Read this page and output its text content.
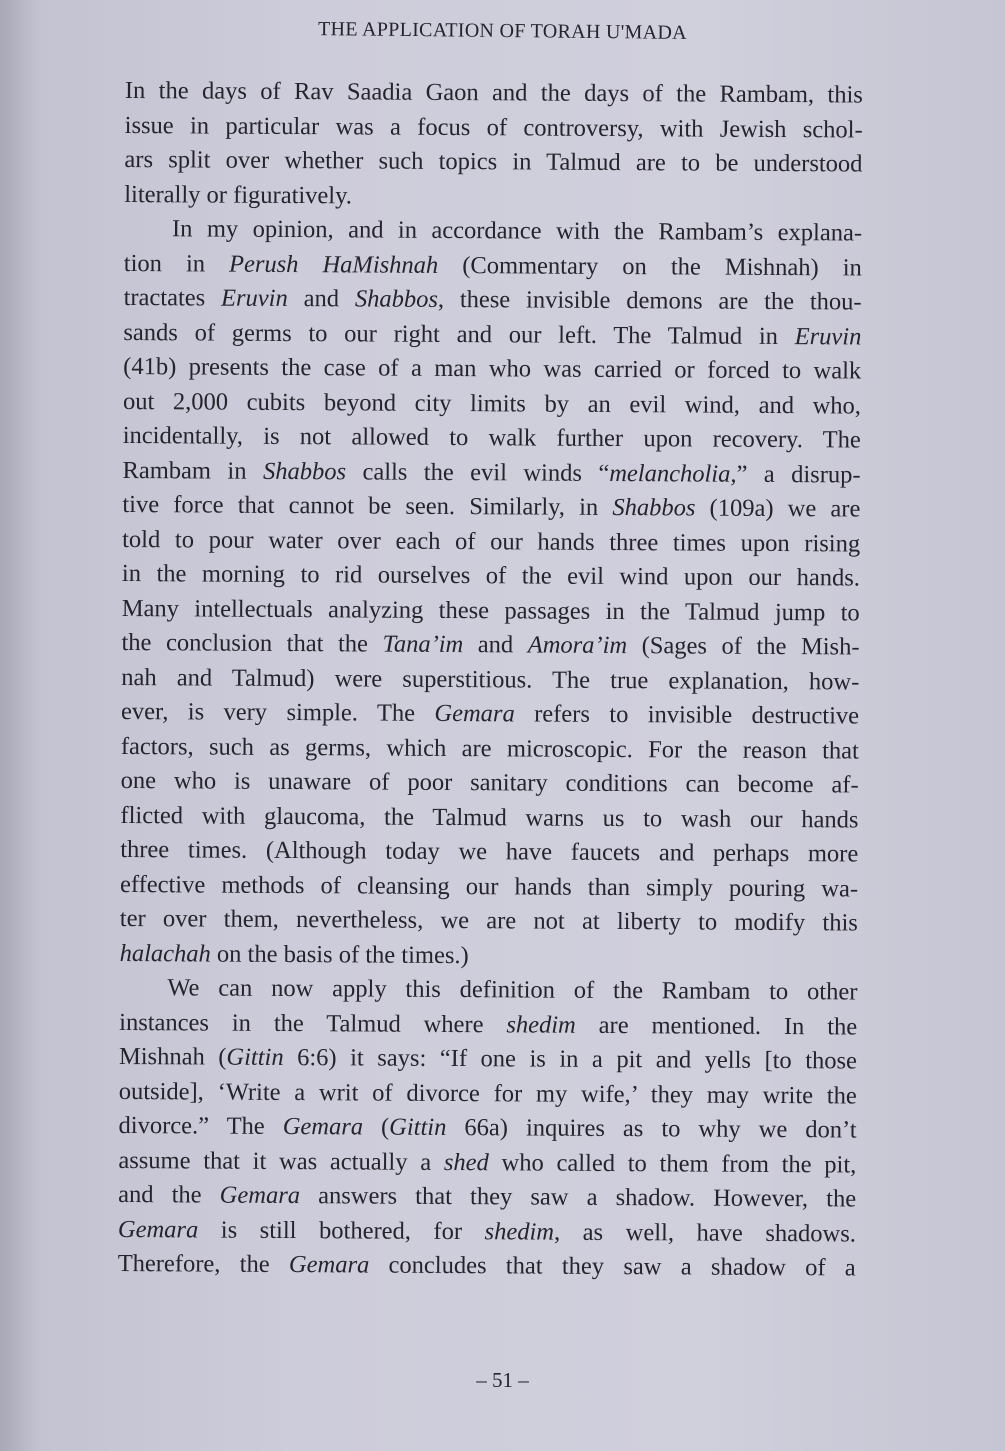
THE APPLICATION OF TORAH U'MADA
In the days of Rav Saadia Gaon and the days of the Rambam, this
issue in particular was a focus of controversy, with Jewish schol-
ars split over whether such topics in Talmud are to be understood
literally or figuratively.
In my opinion, and in accordance with the Rambam’s explana-
tion in Perush HaMishnah (Commentary on the Mishnah) in
tractates Eruvin and Shabbos, these invisible demons are the thou-
sands of germs to our right and our left. The Talmud in Eruvin
(41b) presents the case of a man who was carried or forced to walk
out 2,000 cubits beyond city limits by an evil wind, and who,
incidentally, is not allowed to walk further upon recovery. The
Rambam in Shabbos calls the evil winds “melancholia,” a disrup-
tive force that cannot be seen. Similarly, in Shabbos (109a) we are
told to pour water over each of our hands three times upon rising
in the morning to rid ourselves of the evil wind upon our hands.
Many intellectuals analyzing these passages in the Talmud jump to
the conclusion that the Tana’im and Amora’im (Sages of the Mish-
nah and Talmud) were superstitious. The true explanation, how-
ever, is very simple. The Gemara refers to invisible destructive
factors, such as germs, which are microscopic. For the reason that
one who is unaware of poor sanitary conditions can become af-
flicted with glaucoma, the Talmud warns us to wash our hands
three times. (Although today we have faucets and perhaps more
effective methods of cleansing our hands than simply pouring wa-
ter over them, nevertheless, we are not at liberty to modify this
halachah on the basis of the times.)
We can now apply this definition of the Rambam to other
instances in the Talmud where shedim are mentioned. In the
Mishnah (Gittin 6:6) it says: “If one is in a pit and yells [to those
outside], ‘Write a writ of divorce for my wife,’ they may write the
divorce.” The Gemara (Gittin 66a) inquires as to why we don’t
assume that it was actually a shed who called to them from the pit,
and the Gemara answers that they saw a shadow. However, the
Gemara is still bothered, for shedim, as well, have shadows.
Therefore, the Gemara concludes that they saw a shadow of a
– 51 –
